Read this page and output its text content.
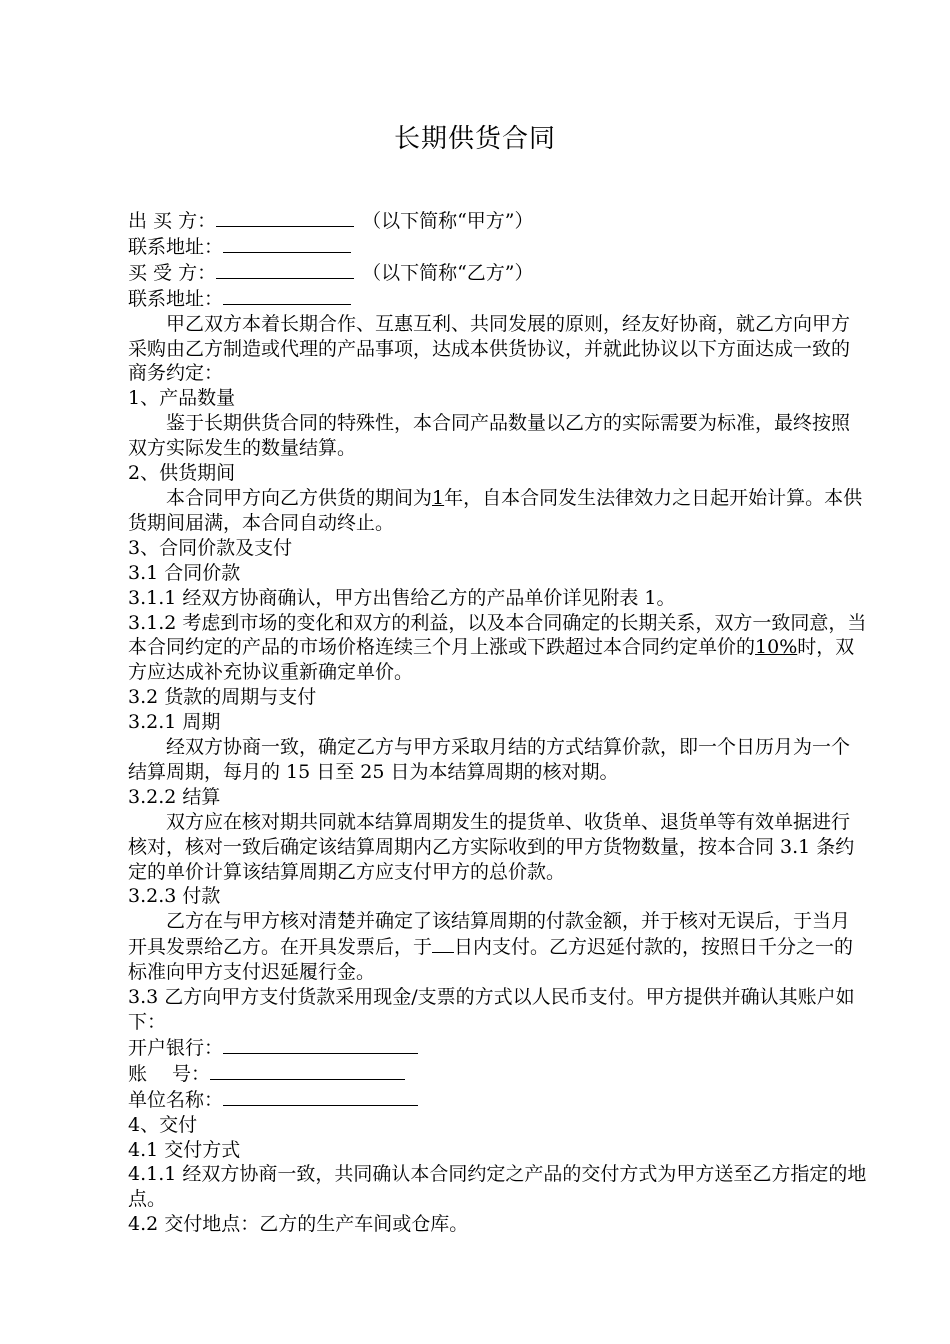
长期供货合同
出 买 方：	（以下简称“甲方”）
联系地址：
买 受 方：	（以下简称“乙方”）
联系地址：
甲乙双方本着长期合作、互惠互利、共同发展的原则，经友好协商，就乙方向甲方采购由乙方制造或代理的产品事项，达成本供货协议，并就此协议以下方面达成一致的商务约定：
1、产品数量
鉴于长期供货合同的特殊性，本合同产品数量以乙方的实际需要为标准，最终按照双方实际发生的数量结算。
2、供货期间
本合同甲方向乙方供货的期间为1年，自本合同发生法律效力之日起开始计算。本供货期间届满，本合同自动终止。
3、合同价款及支付
3.1 合同价款
3.1.1 经双方协商确认，甲方出售给乙方的产品单价详见附表 1。
3.1.2 考虑到市场的变化和双方的利益，以及本合同确定的长期关系，双方一致同意，当本合同约定的产品的市场价格连续三个月上涨或下跌超过本合同约定单价的10%时，双方应达成补充协议重新确定单价。
3.2 货款的周期与支付
3.2.1 周期
经双方协商一致，确定乙方与甲方采取月结的方式结算价款，即一个日历月为一个结算周期，每月的 15 日至 25 日为本结算周期的核对期。
3.2.2 结算
双方应在核对期共同就本结算周期发生的提货单、收货单、退货单等有效单据进行核对，核对一致后确定该结算周期内乙方实际收到的甲方货物数量，按本合同 3.1 条约定的单价计算该结算周期乙方应支付甲方的总价款。
3.2.3 付款
乙方在与甲方核对清楚并确定了该结算周期的付款金额，并于核对无误后，于当月开具发票给乙方。在开具发票后，于 日内支付。乙方迟延付款的，按照日千分之一的标准向甲方支付迟延履行金。
3.3 乙方向甲方支付货款采用现金/支票的方式以人民币支付。甲方提供并确认其账户如下：
开户银行：
账　 号：
单位名称：
4、交付
4.1 交付方式
4.1.1 经双方协商一致，共同确认本合同约定之产品的交付方式为甲方送至乙方指定的地点。
4.2 交付地点：乙方的生产车间或仓库。
